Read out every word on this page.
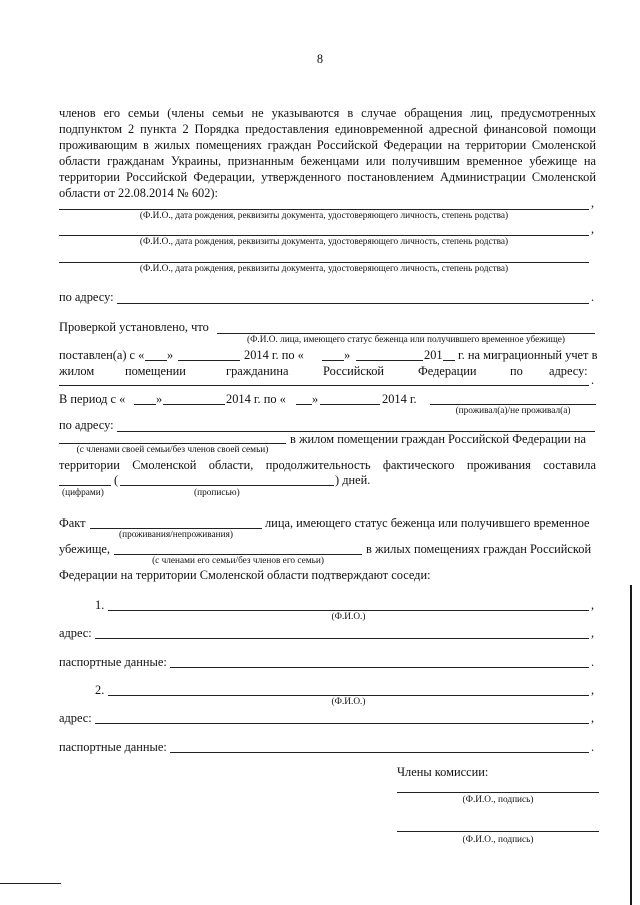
8
членов его семьи (члены семьи не указываются в случае обращения лиц, предусмотренных
подпунктом 2 пункта 2 Порядка предоставления единовременной адресной финансовой помощи
проживающим в жилых помещениях граждан Российской Федерации на территории Смоленской
области гражданам Украины, признанным беженцами или получившим временное убежище на
территории Российской Федерации, утвержденного постановлением Администрации Смоленской
области от 22.08.2014 № 602):
,
(Ф.И.О., дата рождения, реквизиты документа, удостоверяющего личность, степень родства)
,
(Ф.И.О., дата рождения, реквизиты документа, удостоверяющего личность, степень родства)
(Ф.И.О., дата рождения, реквизиты документа, удостоверяющего личность, степень родства)
по адресу:	.
Проверкой установлено, что
(Ф.И.О. лица, имеющего статус беженца или получившего временное убежище)
поставлен(а) с « »	2014 г. по «	»	201 г. на миграционный учет в
жилом помещении	гражданина	Российской	Федерации	по адресу:
.
В период с « »	2014 г. по « »	2014 г.
(проживал(а)/не проживал(а)
по адресу:
в жилом помещении граждан Российской Федерации на
(с членами своей семьи/без членов своей семьи)
территории Смоленской области, продолжительность фактического проживания составила
(	) дней.
(цифрами)	(прописью)
Факт	лица, имеющего статус беженца или получившего временное
(проживания/непроживания)
убежище,	в жилых помещениях граждан Российской
(с членами его семьи/без членов его семьи)
Федерации на территории Смоленской области подтверждают соседи:
1.	,
(Ф.И.О.)
адрес:	,
паспортные данные:	.
2.	,
(Ф.И.О.)
адрес:	,
паспортные данные:	.
Члены комиссии:
(Ф.И.О., подпись)
(Ф.И.О., подпись)
